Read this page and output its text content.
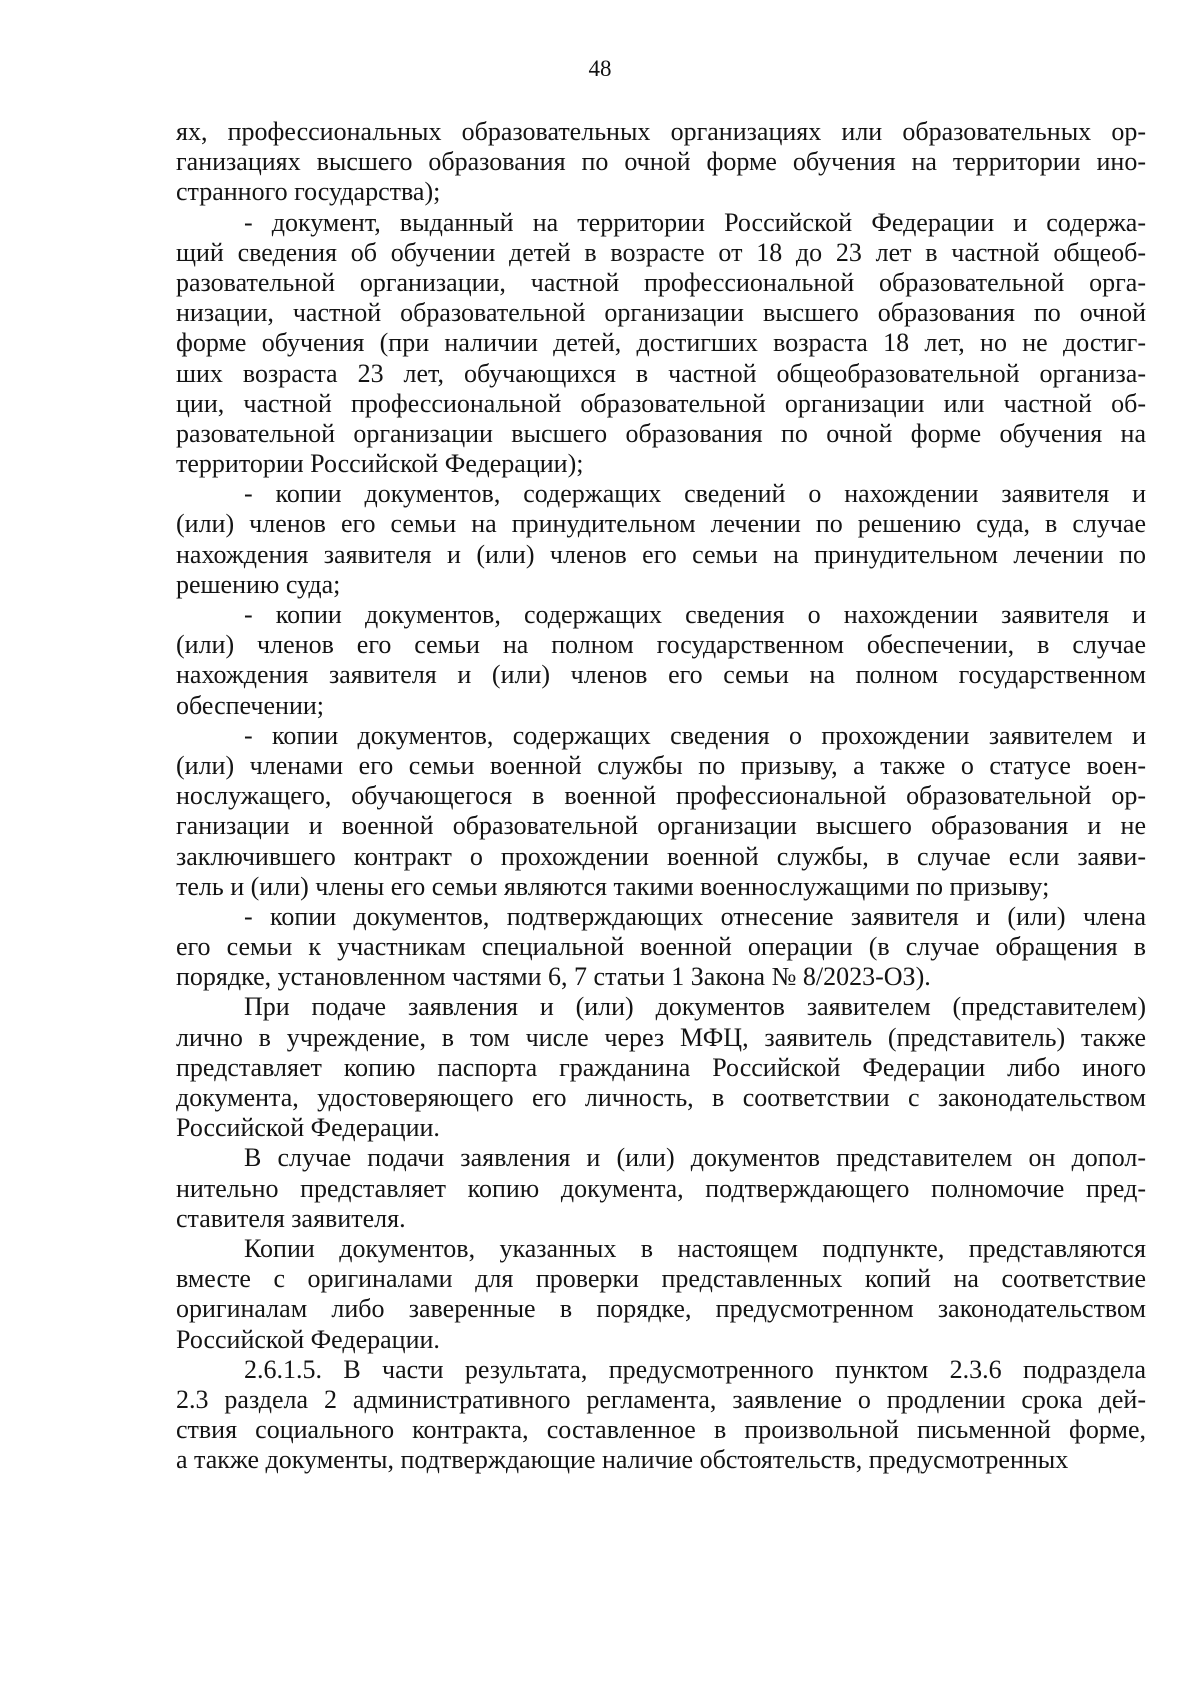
48
ях, профессиональных образовательных организациях или образовательных ор-
ганизациях высшего образования по очной форме обучения на территории ино-
странного государства);
- документ, выданный на территории Российской Федерации и содержа-
щий сведения об обучении детей в возрасте от 18 до 23 лет в частной общеоб-
разовательной организации, частной профессиональной образовательной орга-
низации, частной образовательной организации высшего образования по очной
форме обучения (при наличии детей, достигших возраста 18 лет, но не достиг-
ших возраста 23 лет, обучающихся в частной общеобразовательной организа-
ции, частной профессиональной образовательной организации или частной об-
разовательной организации высшего образования по очной форме обучения на
территории Российской Федерации);
- копии документов, содержащих сведений о нахождении заявителя и
(или) членов его семьи на принудительном лечении по решению суда, в случае
нахождения заявителя и (или) членов его семьи на принудительном лечении по
решению суда;
- копии документов, содержащих сведения о нахождении заявителя и
(или) членов его семьи на полном государственном обеспечении, в случае
нахождения заявителя и (или) членов его семьи на полном государственном
обеспечении;
- копии документов, содержащих сведения о прохождении заявителем и
(или) членами его семьи военной службы по призыву, а также о статусе воен-
нослужащего, обучающегося в военной профессиональной образовательной ор-
ганизации и военной образовательной организации высшего образования и не
заключившего контракт о прохождении военной службы, в случае если заяви-
тель и (или) члены его семьи являются такими военнослужащими по призыву;
- копии документов, подтверждающих отнесение заявителя и (или) члена
его семьи к участникам специальной военной операции (в случае обращения в
порядке, установленном частями 6, 7 статьи 1 Закона № 8/2023-ОЗ).
При подаче заявления и (или) документов заявителем (представителем)
лично в учреждение, в том числе через МФЦ, заявитель (представитель) также
представляет копию паспорта гражданина Российской Федерации либо иного
документа, удостоверяющего его личность, в соответствии с законодательством
Российской Федерации.
В случае подачи заявления и (или) документов представителем он допол-
нительно представляет копию документа, подтверждающего полномочие пред-
ставителя заявителя.
Копии документов, указанных в настоящем подпункте, представляются
вместе с оригиналами для проверки представленных копий на соответствие
оригиналам либо заверенные в порядке, предусмотренном законодательством
Российской Федерации.
2.6.1.5. В части результата, предусмотренного пунктом 2.3.6 подраздела
2.3 раздела 2 административного регламента, заявление о продлении срока дей-
ствия социального контракта, составленное в произвольной письменной форме,
а также документы, подтверждающие наличие обстоятельств, предусмотренных
